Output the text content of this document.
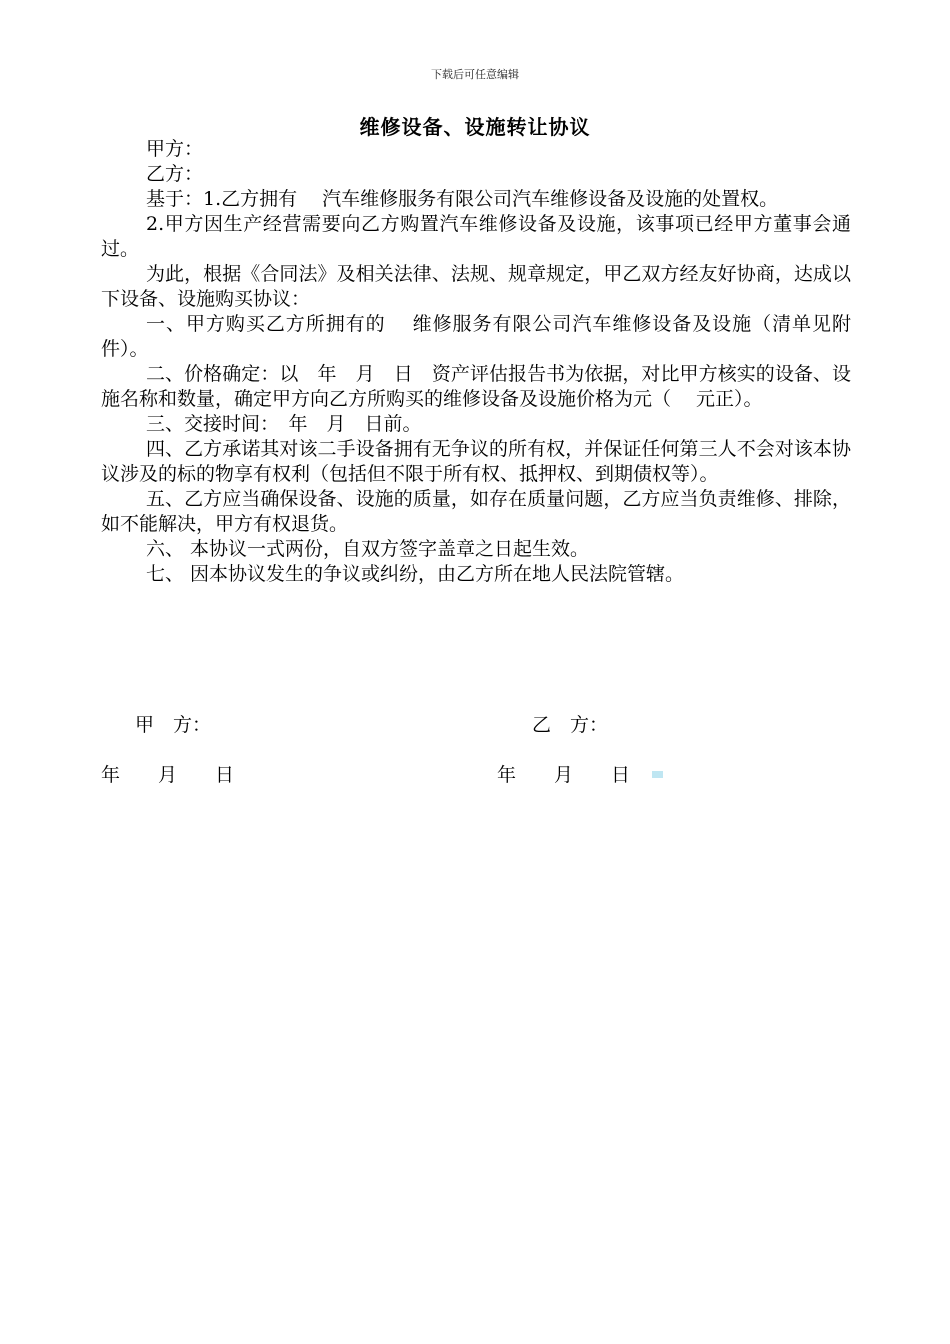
下载后可任意编辑
维修设备、设施转让协议

甲方：

乙方：

基于：1.乙方拥有　 汽车维修服务有限公司汽车维修设备及设施的处置权。

2.甲方因生产经营需要向乙方购置汽车维修设备及设施，该事项已经甲方董事会通过。

为此，根据《合同法》及相关法律、法规、规章规定，甲乙双方经友好协商，达成以下设备、设施购买协议：

一、甲方购买乙方所拥有的　 维修服务有限公司汽车维修设备及设施（清单见附件）。

二、价格确定：以　年　月　日　资产评估报告书为依据，对比甲方核实的设备、设施名称和数量，确定甲方向乙方所购买的维修设备及设施价格为元（　 元正）。

三、交接时间：　年　月　日前。

四、乙方承诺其对该二手设备拥有无争议的所有权，并保证任何第三人不会对该本协议涉及的标的物享有权利（包括但不限于所有权、抵押权、到期债权等）。

五、乙方应当确保设备、设施的质量，如存在质量问题，乙方应当负责维修、排除，如不能解决，甲方有权退货。

六、 本协议一式两份，自双方签字盖章之日起生效。

七、 因本协议发生的争议或纠纷，由乙方所在地人民法院管辖。

甲　方：	乙　方：
年　　月　　日	年　　月　　日
